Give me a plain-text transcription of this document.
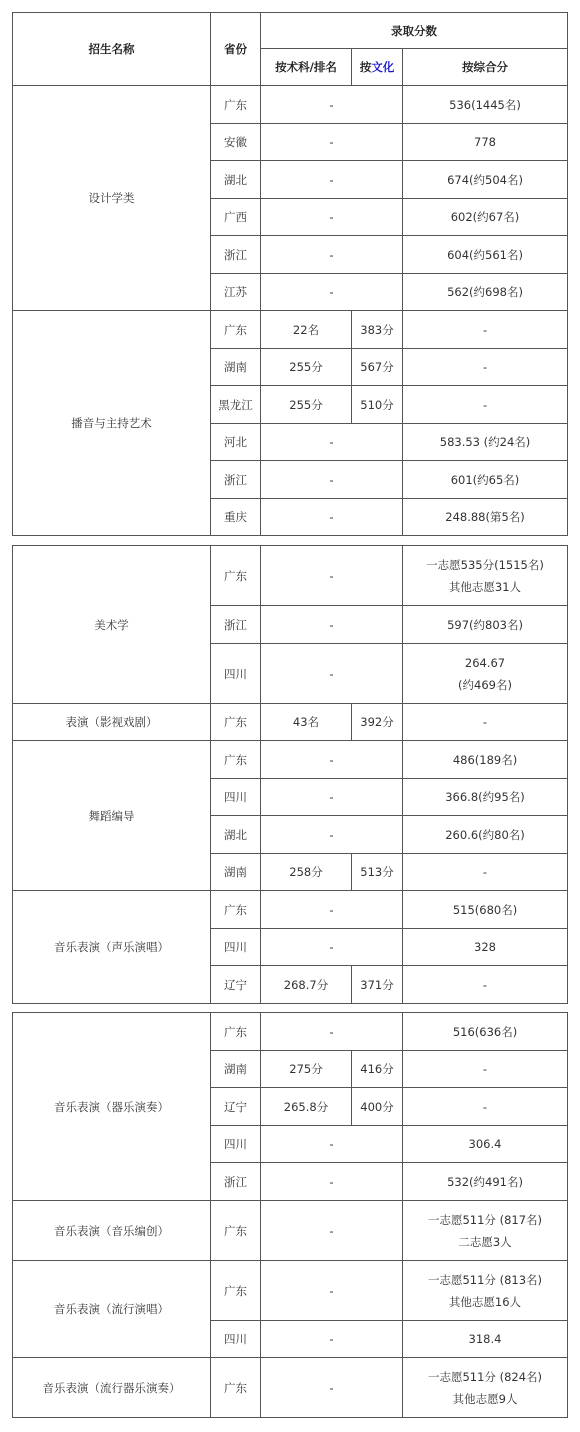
招生名称	省份	录取分数		
		按术科/排名	按文化	按综合分
设计学类	广东	-		536(1445名)
	安徽	-		778
	湖北	-		674(约504名)
	广西	-		602(约67名)
	浙江	-		604(约561名)
	江苏	-		562(约698名)
播音与主持艺术	广东	22名	383分	-
	湖南	255分	567分	-
	黑龙江	255分	510分	-
	河北	-		583.53 (约24名)
	浙江	-		601(约65名)
	重庆	-		248.88(第5名)
美术学	广东	-		一志愿535分(1515名)
其他志愿31人

	浙江	-		597(约803名)
	四川	-		264.67
(约469名)

表演（影视戏剧）	广东	43名	392分	-
舞蹈编导	广东	-		486(189名)
	四川	-		366.8(约95名)
	湖北	-		260.6(约80名)
	湖南	258分	513分	-
音乐表演（声乐演唱）	广东	-		515(680名)
	四川	-		328
	辽宁	268.7分	371分	-
音乐表演（器乐演奏）	广东	-		516(636名)
	湖南	275分	416分	-
	辽宁	265.8分	400分	-
	四川	-		306.4
	浙江	-		532(约491名)
音乐表演（音乐编创）	广东	-		一志愿511分 (817名)
二志愿3人

音乐表演（流行演唱）	广东	-		一志愿511分 (813名)
其他志愿16人

	四川	-		318.4
音乐表演（流行器乐演奏）	广东	-		一志愿511分 (824名)
其他志愿9人
